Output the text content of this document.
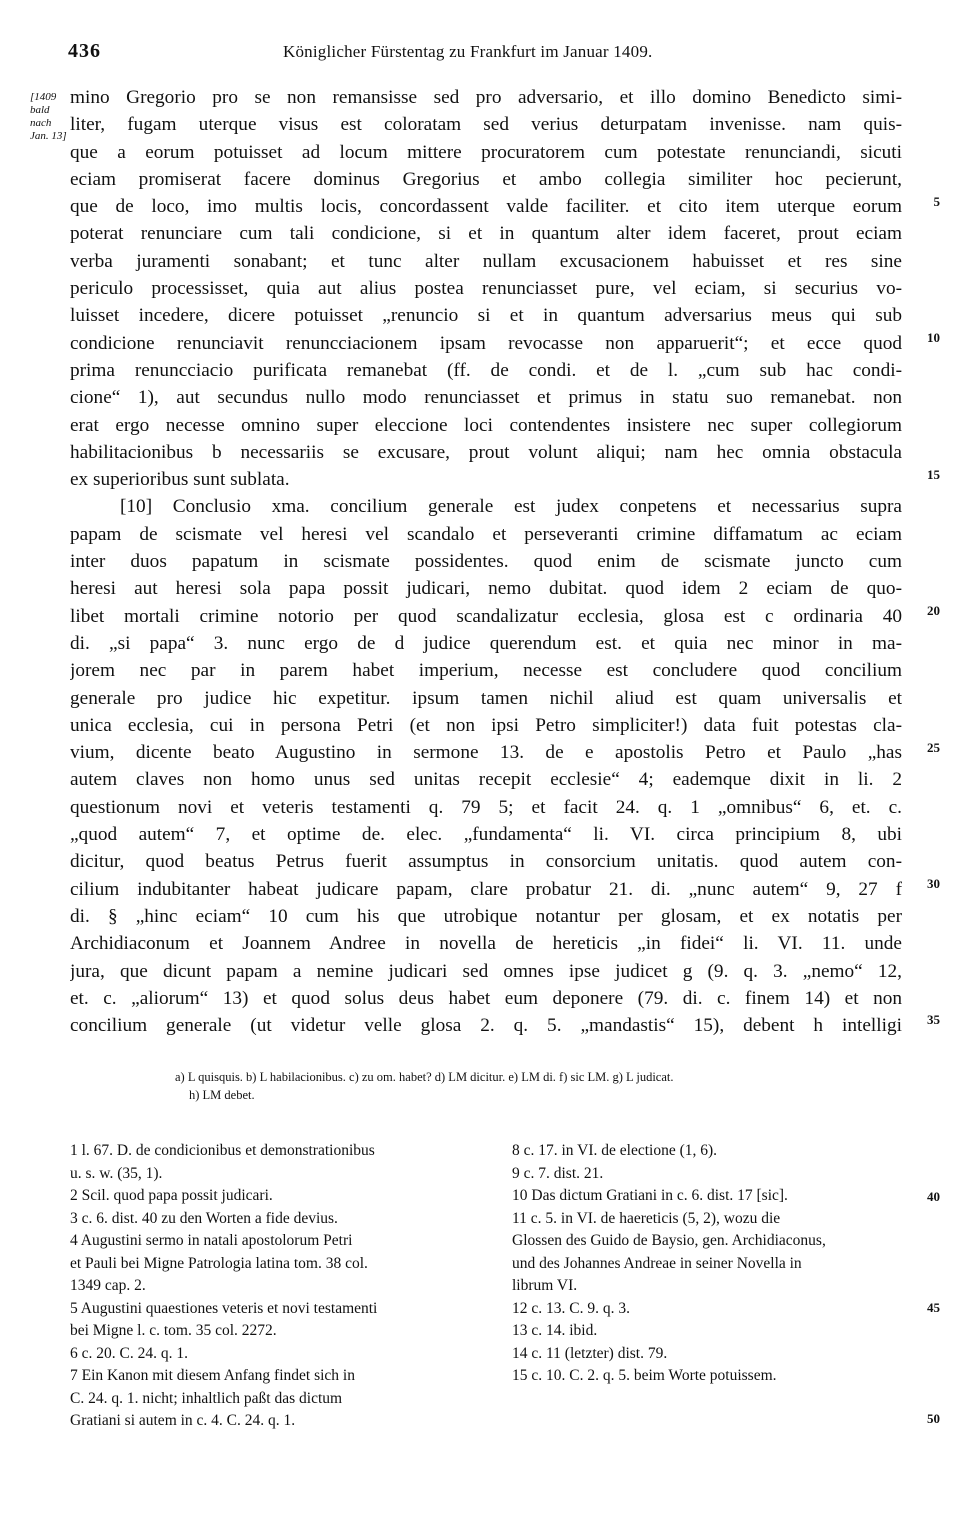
436	Königlicher Fürstentag zu Frankfurt im Januar 1409.
[1409
bald
nach
Jan. 13]
mino Gregorio pro se non remansisse sed pro adversario, et illo domino Benedicto simi-
liter, fugam uterque visus est coloratam sed verius deturpatam invenisse. nam quis-
que a eorum potuisset ad locum mittere procuratorem cum potestate renunciandi, sicuti
eciam promiserat facere dominus Gregorius et ambo collegia similiter hoc pecierunt,
que de loco, imo multis locis, concordassent valde faciliter. et cito item uterque eorum
poterat renunciare cum tali condicione, si et in quantum alter idem faceret, prout eciam
verba juramenti sonabant; et tunc alter nullam excusacionem habuisset et res sine
periculo processisset, quia aut alius postea renunciasset pure, vel eciam, si securius vo-
luisset incedere, dicere potuisset „renuncio si et in quantum adversarius meus qui sub
condicione renunciavit renuncciacionem ipsam revocasse non apparuerit“; et ecce quod
prima renuncciacio purificata remanebat (ff. de condi. et de l. „cum sub hac condi-
cione“ 1), aut secundus nullo modo renunciasset et primus in statu suo remanebat. non
erat ergo necesse omnino super eleccione loci contendentes insistere nec super collegiorum
habilitacionibus b necessariis se excusare, prout volunt aliqui; nam hec omnia obstacula
ex superioribus sunt sublata.
[10] Conclusio xma. concilium generale est judex conpetens et necessarius supra
papam de scismate vel heresi vel scandalo et perseveranti crimine diffamatum ac eciam
inter duos papatum in scismate possidentes. quod enim de scismate juncto cum
heresi aut heresi sola papa possit judicari, nemo dubitat. quod idem 2 eciam de quo-
libet mortali crimine notorio per quod scandalizatur ecclesia, glosa est c ordinaria 40
di. „si papa“ 3. nunc ergo de d judice querendum est. et quia nec minor in ma-
jorem nec par in parem habet imperium, necesse est concludere quod concilium
generale pro judice hic expetitur. ipsum tamen nichil aliud est quam universalis et
unica ecclesia, cui in persona Petri (et non ipsi Petro simpliciter!) data fuit potestas cla-
vium, dicente beato Augustino in sermone 13. de e apostolis Petro et Paulo „has
autem claves non homo unus sed unitas recepit ecclesie“ 4; eademque dixit in li. 2
questionum novi et veteris testamenti q. 79 5; et facit 24. q. 1 „omnibus“ 6, et. c.
„quod autem“ 7, et optime de. elec. „fundamenta“ li. VI. circa principium 8, ubi
dicitur, quod beatus Petrus fuerit assumptus in consorcium unitatis. quod autem con-
cilium indubitanter habeat judicare papam, clare probatur 21. di. „nunc autem“ 9, 27 f
di. § „hinc eciam“ 10 cum his que utrobique notantur per glosam, et ex notatis per
Archidiaconum et Joannem Andree in novella de hereticis „in fidei“ li. VI. 11. unde
jura, que dicunt papam a nemine judicari sed omnes ipse judicet g (9. q. 3. „nemo“ 12,
et. c. „aliorum“ 13) et quod solus deus habet eum deponere (79. di. c. finem 14) et non
concilium generale (ut videtur velle glosa 2. q. 5. „mandastis“ 15), debent h intelligi
5
10
15
20
25
30
35
40
45
50
a) L quisquis. b) L habilacionibus. c) zu om. habet? d) LM dicitur. e) LM di. f) sic LM. g) L judicat.
h) LM debet.
1 l. 67. D. de condicionibus et demonstrationibus
u. s. w. (35, 1).
2 Scil. quod papa possit judicari.
3 c. 6. dist. 40 zu den Worten a fide devius.
4 Augustini sermo in natali apostolorum Petri
et Pauli bei Migne Patrologia latina tom. 38 col.
1349 cap. 2.
5 Augustini quaestiones veteris et novi testamenti
bei Migne l. c. tom. 35 col. 2272.
6 c. 20. C. 24. q. 1.
7 Ein Kanon mit diesem Anfang findet sich in
C. 24. q. 1. nicht; inhaltlich paßt das dictum
Gratiani si autem in c. 4. C. 24. q. 1.
8 c. 17. in VI. de electione (1, 6).
9 c. 7. dist. 21.
10 Das dictum Gratiani in c. 6. dist. 17 [sic].
11 c. 5. in VI. de haereticis (5, 2), wozu die
Glossen des Guido de Baysio, gen. Archidiaconus,
und des Johannes Andreae in seiner Novella in
librum VI.
12 c. 13. C. 9. q. 3.
13 c. 14. ibid.
14 c. 11 (letzter) dist. 79.
15 c. 10. C. 2. q. 5. beim Worte potuissem.
